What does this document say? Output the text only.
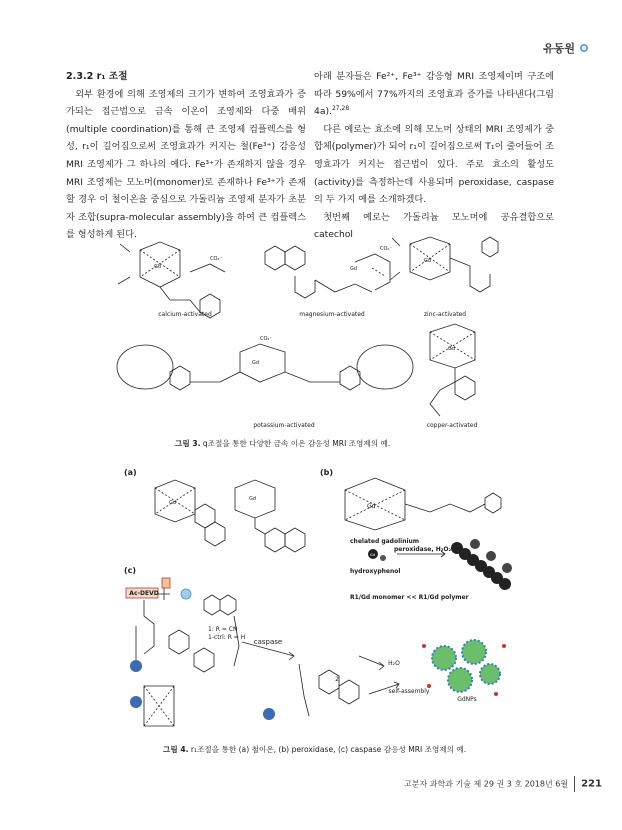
유동원
2.3.2 r₁ 조절

외부 환경에 의해 조영제의 크기가 변하여 조영효과가 증가되는 접근법으로 금속 이온이 조영제와 다중 배위(multiple coordination)를 통해 큰 조영제 컴플렉스를 형성, r₁이 길어짐으로써 조영효과가 커지는 철(Fe³⁺) 감응성 MRI 조영제가 그 하나의 예다. Fe³⁺가 존재하지 않을 경우 MRI 조영제는 모노머(monomer)로 존재하나 Fe³⁺가 존재할 경우 이 철이온을 중심으로 가돌리늄 조영제 분자가 초분자 조합(supra-molecular assembly)을 하여 큰 컴플렉스를 형성하게 된다.

아래 분자들은 Fe²⁺, Fe³⁺ 감응형 MRI 조영제이며 구조에 따라 59%에서 77%까지의 조영효과 증가를 나타낸다(그림 4a).$^{27,28}$

다른 예로는 효소에 의해 모노머 상태의 MRI 조영제가 중합체(polymer)가 되어 r₁이 길어짐으로써 T₁이 줄어들어 조영효과가 커지는 접근법이 있다. 주로 효소의 활성도(activity)를 측정하는데 사용되며 peroxidase, caspase의 두 가지 예를 소개하겠다.

첫번째 예로는 가돌리늄 모노머에 공유결합으로 catechol

Gd	Gd
Gd
Gd
Gd
CO₂⁻
CO₂⁻
CO₂⁻
calcium-activated	magnesium-activated	zinc-activated
potassium-activated	copper-activated
그림 3. q조절을 통한 다양한 금속 이온 감응성 MRI 조영제의 예.
(a)	(b)
(c)
Gd
Gd
Gd
Gd
chelated gadolinium
hydroxyphenol
peroxidase, H₂O₂
R1/Gd monomer << R1/Gd polymer
Ac-DEVD
1: R = CN
1-ctrl: R = H
caspase
2
H₂O
self-assembly
GdNPs
그림 4. r₁조절을 통한 (a) 철이온, (b) peroxidase, (c) caspase 감응성 MRI 조영제의 예.
고분자 과학과 기술 제 29 권 3 호 2018년 6월 221
